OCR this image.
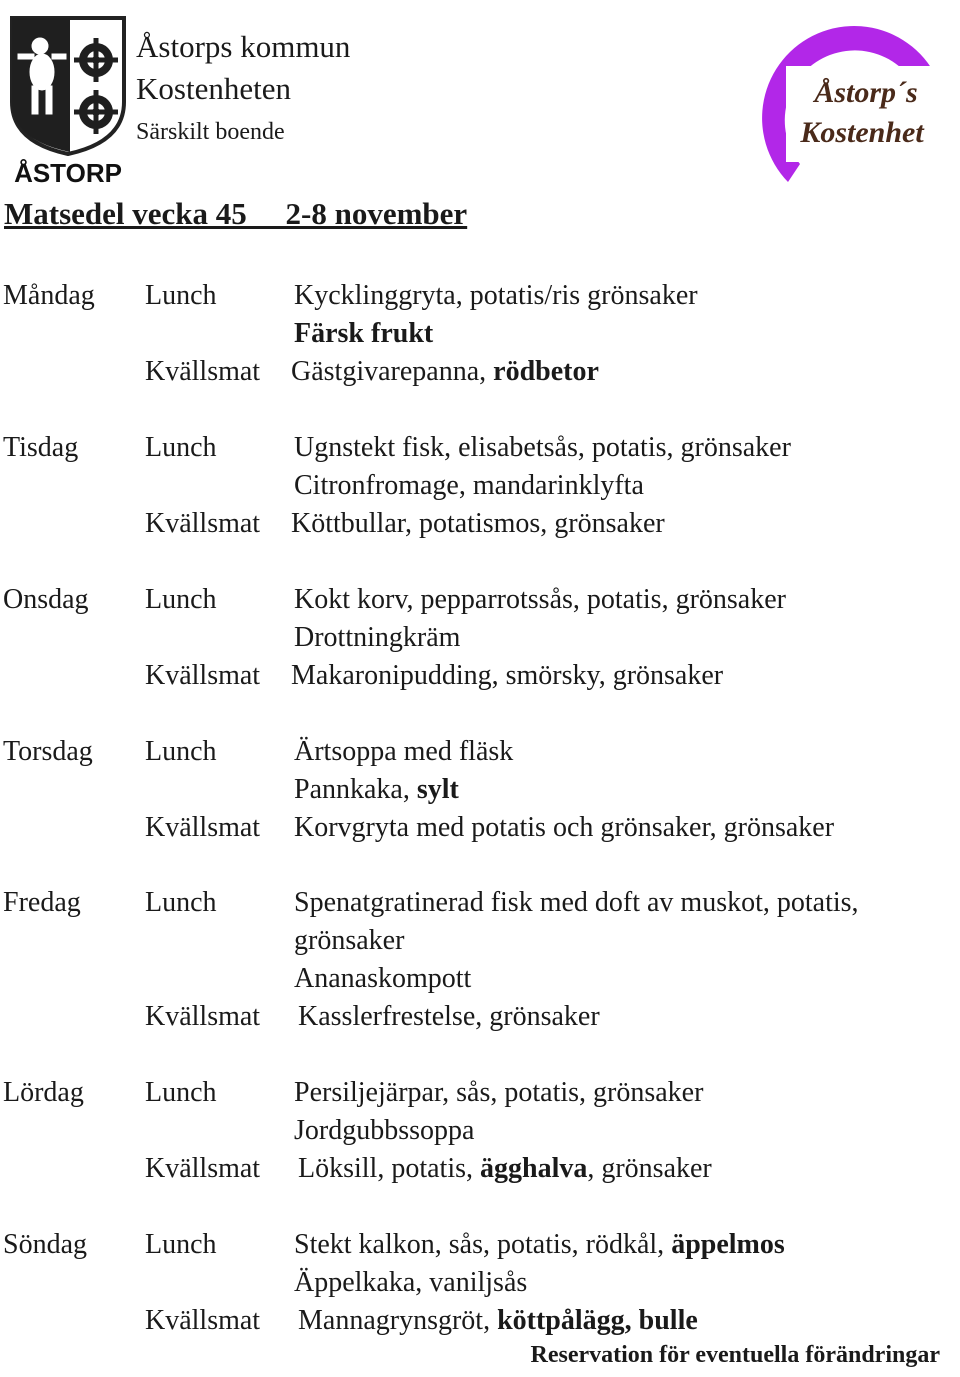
ÅSTORP
Åstorps kommun
Kostenheten
Särskilt boende
Åstorp´s
Kostenhet
Matsedel vecka 45     2-8 november
Måndag Lunch	Kycklinggryta, potatis/ris grönsaker
Färsk frukt
Kvällsmat Gästgivarepanna, rödbetor
Tisdag Lunch	Ugnstekt fisk, elisabetsås, potatis, grönsaker
Citronfromage, mandarinklyfta
Kvällsmat Köttbullar, potatismos, grönsaker
Onsdag Lunch	Kokt korv, pepparrotssås, potatis, grönsaker
Drottningkräm
Kvällsmat Makaronipudding, smörsky, grönsaker
Torsdag Lunch	Ärtsoppa med fläsk
Pannkaka, sylt
Kvällsmat Korvgryta med potatis och grönsaker, grönsaker
Fredag Lunch	Spenatgratinerad fisk med doft av muskot, potatis,
grönsaker
Ananaskompott
Kvällsmat Kasslerfrestelse, grönsaker
Lördag Lunch	Persiljejärpar, sås, potatis, grönsaker
Jordgubbssoppa
Kvällsmat Löksill, potatis, ägghalva, grönsaker
Söndag Lunch	Stekt kalkon, sås, potatis, rödkål, äppelmos
Äppelkaka, vaniljsås
Kvällsmat Mannagrynsgröt, köttpålägg, bulle
Reservation för eventuella förändringar
